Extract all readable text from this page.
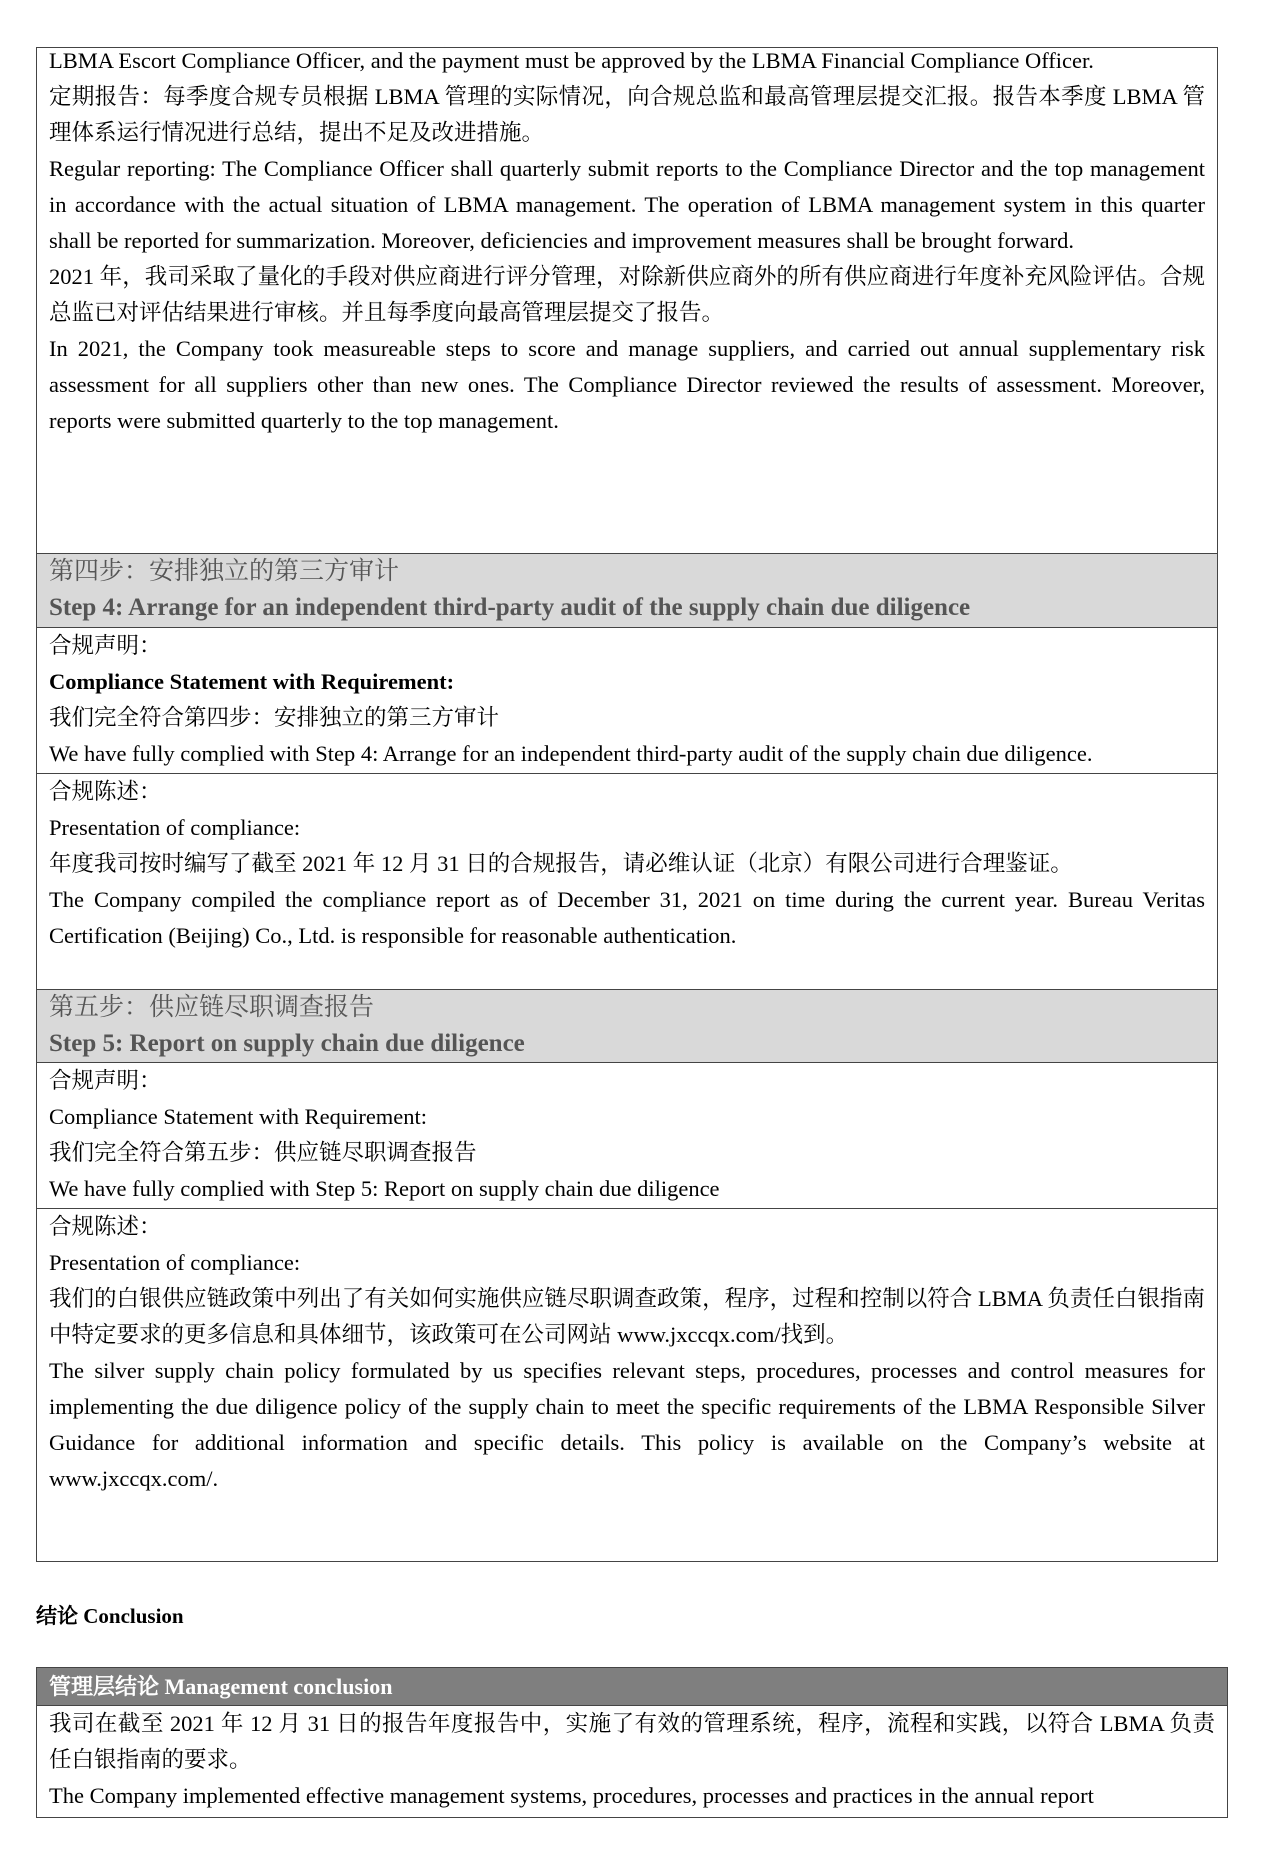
LBMA Escort Compliance Officer, and the payment must be approved by the LBMA Financial Compliance Officer.

定期报告：每季度合规专员根据 LBMA 管理的实际情况，向合规总监和最高管理层提交汇报。报告本季度 LBMA 管理体系运行情况进行总结，提出不足及改进措施。

Regular reporting: The Compliance Officer shall quarterly submit reports to the Compliance Director and the top management in accordance with the actual situation of LBMA management. The operation of LBMA management system in this quarter shall be reported for summarization. Moreover, deficiencies and improvement measures shall be brought forward.

2021 年，我司采取了量化的手段对供应商进行评分管理，对除新供应商外的所有供应商进行年度补充风险评估。合规总监已对评估结果进行审核。并且每季度向最高管理层提交了报告。

In 2021, the Company took measureable steps to score and manage suppliers, and carried out annual supplementary risk assessment for all suppliers other than new ones. The Compliance Director reviewed the results of assessment. Moreover, reports were submitted quarterly to the top management.

第四步：安排独立的第三方审计

Step 4: Arrange for an independent third-party audit of the supply chain due diligence

合规声明：

Compliance Statement with Requirement:

我们完全符合第四步：安排独立的第三方审计

We have fully complied with Step 4: Arrange for an independent third-party audit of the supply chain due diligence.

合规陈述：

Presentation of compliance:

年度我司按时编写了截至 2021 年 12 月 31 日的合规报告，请必维认证（北京）有限公司进行合理鉴证。

The Company compiled the compliance report as of December 31, 2021 on time during the current year. Bureau Veritas Certification (Beijing) Co., Ltd. is responsible for reasonable authentication.

第五步：供应链尽职调查报告

Step 5: Report on supply chain due diligence

合规声明：

Compliance Statement with Requirement:

我们完全符合第五步：供应链尽职调查报告

We have fully complied with Step 5: Report on supply chain due diligence

合规陈述：

Presentation of compliance:

我们的白银供应链政策中列出了有关如何实施供应链尽职调查政策，程序，过程和控制以符合 LBMA 负责任白银指南中特定要求的更多信息和具体细节，该政策可在公司网站 www.jxccqx.com/找到。

The silver supply chain policy formulated by us specifies relevant steps, procedures, processes and control measures for implementing the due diligence policy of the supply chain to meet the specific requirements of the LBMA Responsible Silver Guidance for additional information and specific details. This policy is available on the Company’s website at www.jxccqx.com/.

结论 Conclusion
管理层结论 Management conclusion

我司在截至 2021 年 12 月 31 日的报告年度报告中，实施了有效的管理系统，程序，流程和实践，以符合 LBMA 负责任白银指南的要求。

The Company implemented effective management systems, procedures, processes and practices in the annual report
